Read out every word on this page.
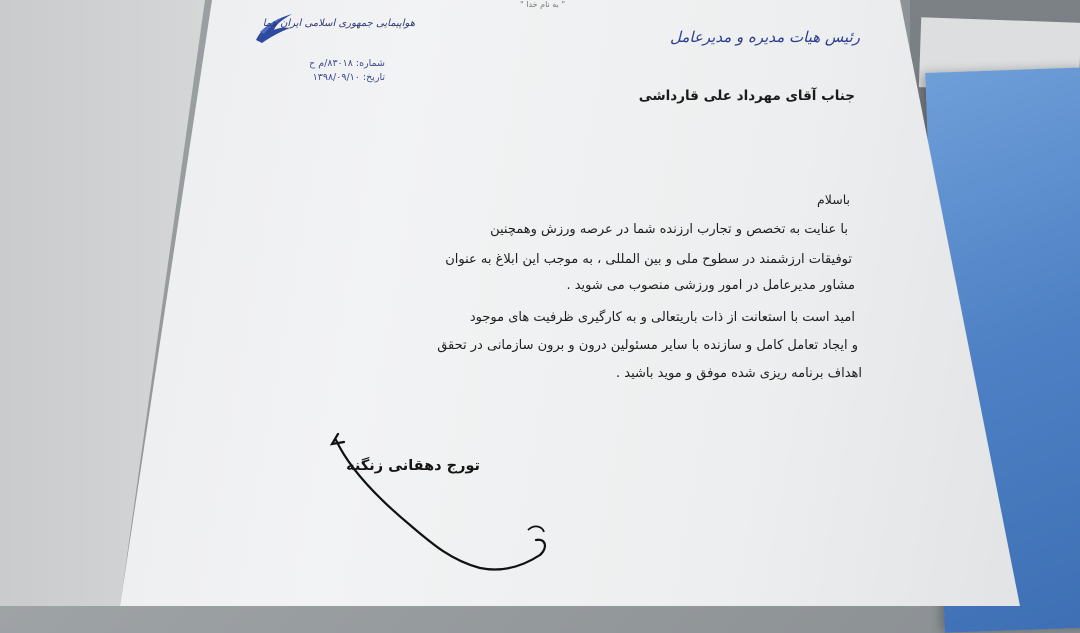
" به نام خدا "
هواپیمایی جمهوری اسلامی ایران هما
شماره: ۸۳۰۱۸/م ح
تاریخ: ۱۳۹۸/۰۹/۱۰
رئیس هیات مدیره و مدیرعامل
جناب آقای مهرداد علی قارداشی
باسلام
با عنایت به تخصص و تجارب ارزنده شما در عرصه ورزش وهمچنین
توفیقات ارزشمند در سطوح ملی و بین المللی ، به موجب این ابلاغ به عنوان
مشاور مدیرعامل در امور ورزشی منصوب می شوید .
امید است با استعانت از ذات باریتعالی و به کارگیری ظرفیت های موجود
و ایجاد تعامل کامل و سازنده با سایر مسئولین درون و برون سازمانی در تحقق
اهداف برنامه ریزی شده موفق و موید باشید .
تورج دهقانی زنگنه
